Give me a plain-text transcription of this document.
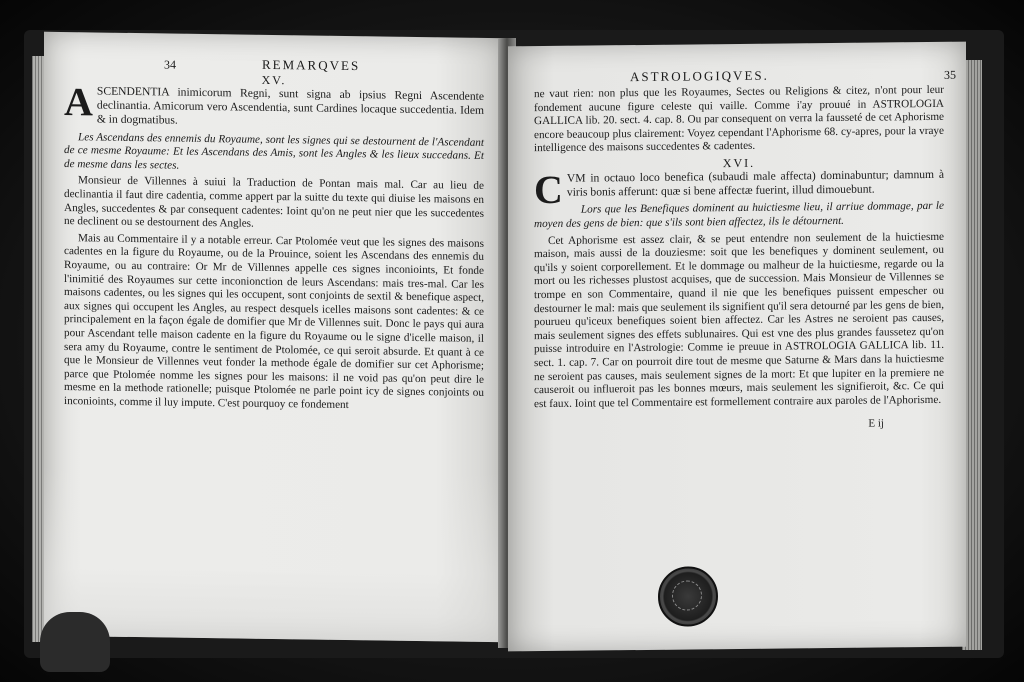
34	REMARQVES
XV.

ASCENDENTIA inimicorum Regni, sunt signa ab ipsius Regni Ascendente declinantia. Amicorum vero Ascendentia, sunt Cardines locaque succedentia. Idem & in dogmatibus.

Les Ascendans des ennemis du Royaume, sont les signes qui se destournent de l'Ascendant de ce mesme Royaume: Et les Ascendans des Amis, sont les Angles & les lieux succedans. Et de mesme dans les sectes.

Monsieur de Villennes à suiui la Traduction de Pontan mais mal. Car au lieu de declinantia il faut dire cadentia, comme appert par la suitte du texte qui diuise les maisons en Angles, succedentes & par consequent cadentes: Ioint qu'on ne peut nier que les succedentes ne declinent ou se destournent des Angles.

Mais au Commentaire il y a notable erreur. Car Ptolomée veut que les signes des maisons cadentes en la figure du Royaume, ou de la Prouince, soient les Ascendans des ennemis du Royaume, ou au contraire: Or Mr de Villennes appelle ces signes inconioints, Et fonde l'inimitié des Royaumes sur cette inconionction de leurs Ascendans: mais tres-mal. Car les maisons cadentes, ou les signes qui les occupent, sont conjoints de sextil & benefique aspect, aux signes qui occupent les Angles, au respect desquels icelles maisons sont cadentes: & ce principalement en la façon égale de domifier que Mr de Villennes suit. Donc le pays qui aura pour Ascendant telle maison cadente en la figure du Royaume ou le signe d'icelle maison, il sera amy du Royaume, contre le sentiment de Ptolomée, ce qui seroit absurde. Et quant à ce que le Monsieur de Villennes veut fonder la methode égale de domifier sur cet Aphorisme; parce que Ptolomée nomme les signes pour les maisons: il ne void pas qu'on peut dire le mesme en la methode rationelle; puisque Ptolomée ne parle point icy de signes conjoints ou inconioints, comme il luy impute. C'est pourquoy ce fondement

ASTROLOGIQVES.	35

ne vaut rien: non plus que les Royaumes, Sectes ou Religions & citez, n'ont pour leur fondement aucune figure celeste qui vaille. Comme i'ay prouué in ASTROLOGIA GALLICA lib. 20. sect. 4. cap. 8. Ou par consequent on verra la fausseté de cet Aphorisme encore beaucoup plus clairement: Voyez cependant l'Aphorisme 68. cy-apres, pour la vraye intelligence des maisons succedentes & cadentes.

XVI.

CVM in octauo loco benefica (subaudi male affecta) dominabuntur; damnum à viris bonis afferunt: quæ si bene affectæ fuerint, illud dimouebunt.

Lors que les Benefiques dominent au huictiesme lieu, il arriue dommage, par le moyen des gens de bien: que s'ils sont bien affectez, ils le détournent.

Cet Aphorisme est assez clair, & se peut entendre non seulement de la huictiesme maison, mais aussi de la douziesme: soit que les benefiques y dominent seulement, ou qu'ils y soient corporellement. Et le dommage ou malheur de la huictiesme, regarde ou la mort ou les richesses plustost acquises, que de succession. Mais Monsieur de Villennes se trompe en son Commentaire, quand il nie que les benefiques puissent empescher ou destourner le mal: mais que seulement ils signifient qu'il sera detourné par les gens de bien, pourueu qu'iceux benefiques soient bien affectez. Car les Astres ne seroient pas causes, mais seulement signes des effets sublunaires. Qui est vne des plus grandes faussetez qu'on puisse introduire en l'Astrologie: Comme ie preuue in ASTROLOGIA GALLICA lib. 11. sect. 1. cap. 7. Car on pourroit dire tout de mesme que Saturne & Mars dans la huictiesme ne seroient pas causes, mais seulement signes de la mort: Et que lupiter en la premiere ne causeroit ou influeroit pas les bonnes mœurs, mais seulement les signifieroit, &c. Ce qui est faux. Ioint que tel Commentaire est formellement contraire aux paroles de l'Aphorisme.

E ij
